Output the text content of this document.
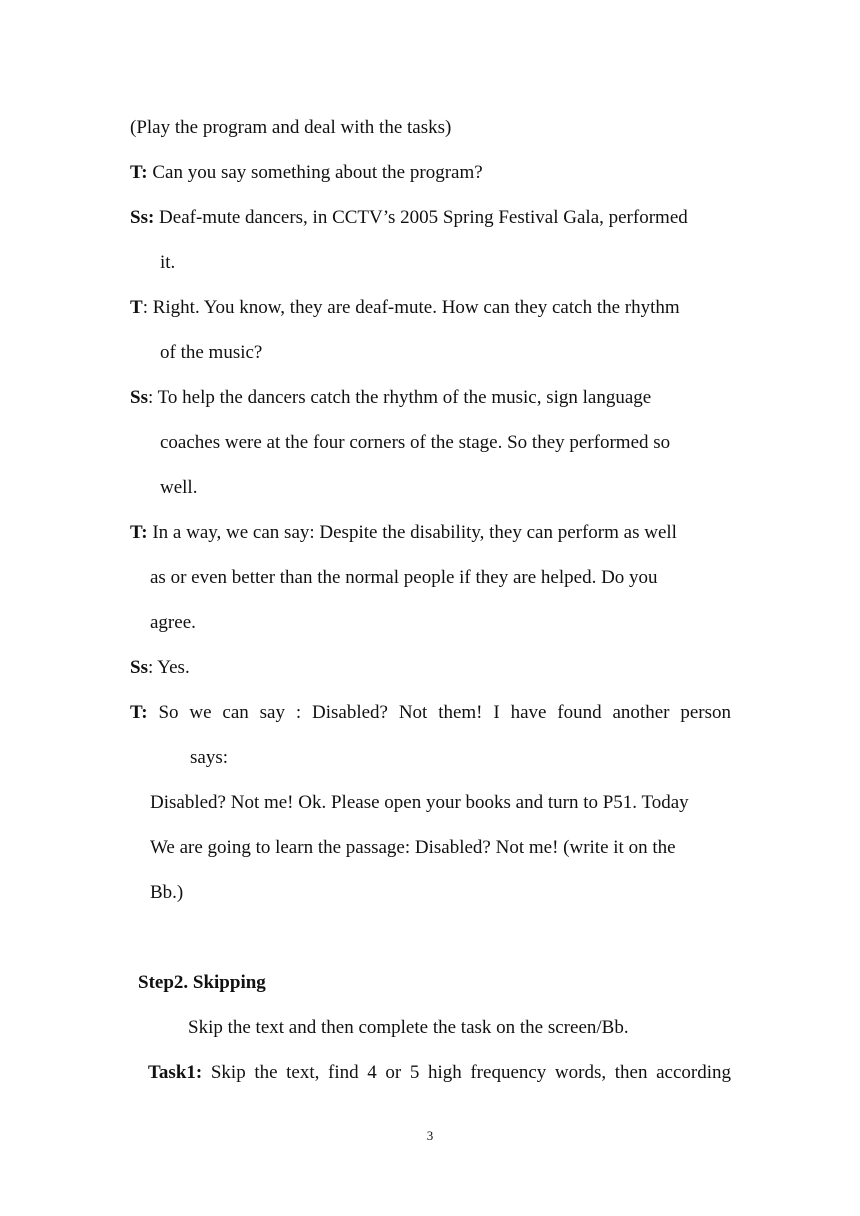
(Play the program and deal with the tasks)
T: Can you say something about the program?
Ss: Deaf-mute dancers, in CCTV’s 2005 Spring Festival Gala, performed
it.
T: Right. You know, they are deaf-mute. How can they catch the rhythm
of the music?
Ss: To help the dancers catch the rhythm of the music, sign language
coaches were at the four corners of the stage. So they performed so
well.
T: In a way, we can say: Despite the disability, they can perform as well
as or even better than the normal people if they are helped. Do you
agree.
Ss: Yes.
T: So we can say : Disabled? Not them! I have found another person
says:
Disabled? Not me! Ok. Please open your books and turn to P51. Today
We are going to learn the passage: Disabled? Not me! (write it on the
Bb.)
Step2. Skipping
Skip the text and then complete the task on the screen/Bb.
Task1: Skip the text, find 4 or 5 high frequency words, then according
3
